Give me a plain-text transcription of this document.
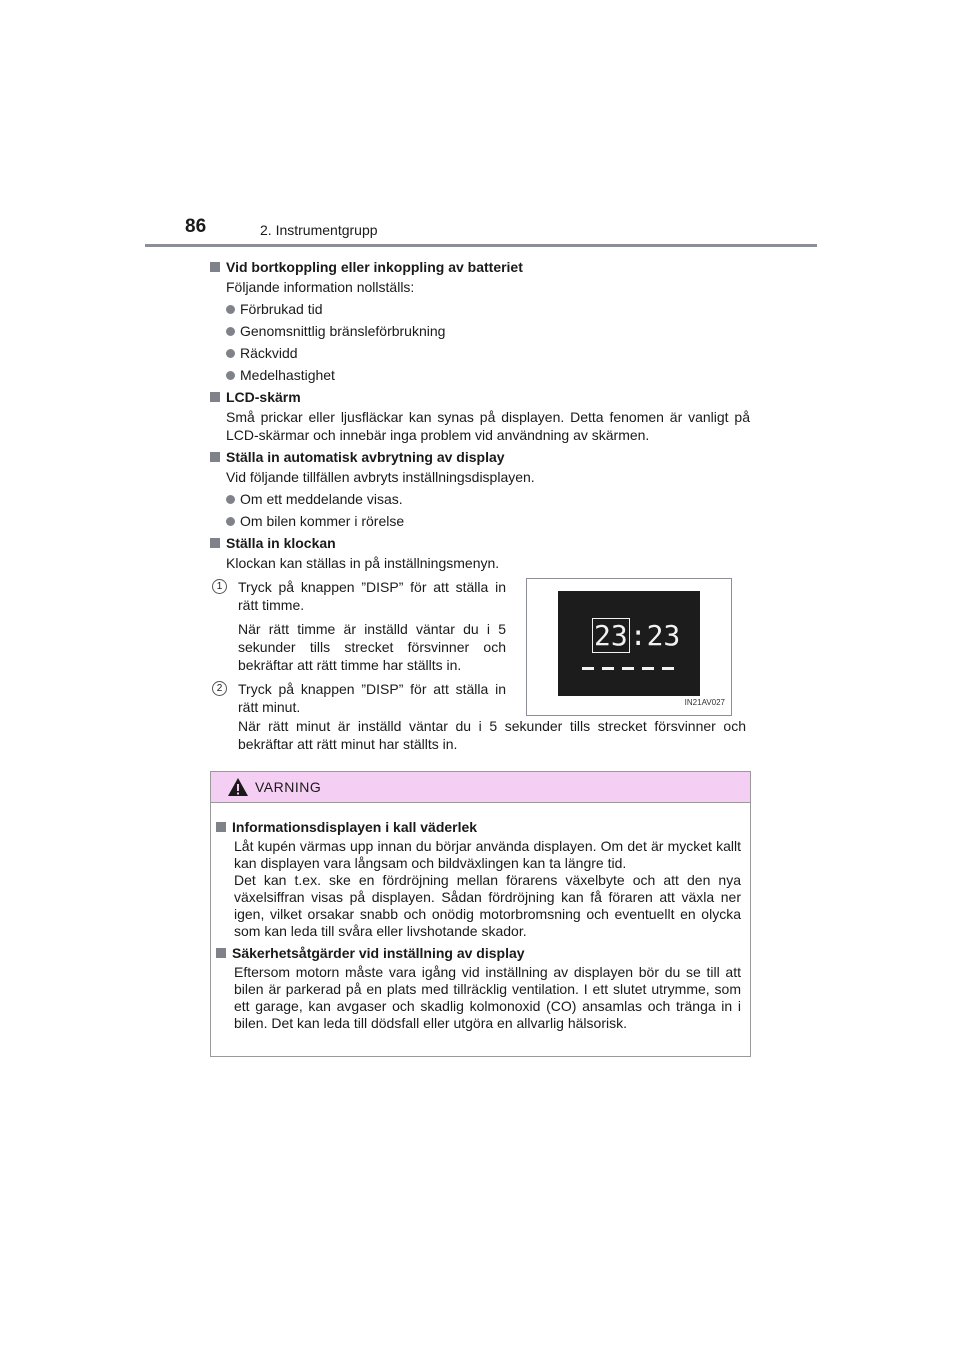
86	2. Instrumentgrupp
Vid bortkoppling eller inkoppling av batteriet
Följande information nollställs:
Förbrukad tid
Genomsnittlig bränsleförbrukning
Räckvidd
Medelhastighet
LCD-skärm
Små prickar eller ljusfläckar kan synas på displayen. Detta fenomen är vanligt på LCD-skärmar och innebär inga problem vid användning av skärmen.
Ställa in automatisk avbrytning av display
Vid följande tillfällen avbryts inställningsdisplayen.
Om ett meddelande visas.
Om bilen kommer i rörelse
Ställa in klockan
Klockan kan ställas in på inställningsmenyn.
1	Tryck på knappen ”DISP” för att ställa in rätt timme.
När rätt timme är inställd väntar du i 5 sekunder tills strecket försvinner och bekräftar att rätt timme har ställts in.
2	Tryck på knappen ”DISP” för att ställa in rätt minut.
När rätt minut är inställd väntar du i 5 sekunder tills strecket försvinner och bekräftar att rätt minut har ställts in.
23:23
IN21AV027
VARNING
Informationsdisplayen i kall väderlek
Låt kupén värmas upp innan du börjar använda displayen. Om det är mycket kallt kan displayen vara långsam och bildväxlingen kan ta längre tid.
Det kan t.ex. ske en fördröjning mellan förarens växelbyte och att den nya växelsiffran visas på displayen. Sådan fördröjning kan få föraren att växla ner igen, vilket orsakar snabb och onödig motorbromsning och eventuellt en olycka som kan leda till svåra eller livshotande skador.
Säkerhetsåtgärder vid inställning av display
Eftersom motorn måste vara igång vid inställning av displayen bör du se till att bilen är parkerad på en plats med tillräcklig ventilation. I ett slutet utrymme, som ett garage, kan avgaser och skadlig kolmonoxid (CO) ansamlas och tränga in i bilen. Det kan leda till dödsfall eller utgöra en allvarlig hälsorisk.
